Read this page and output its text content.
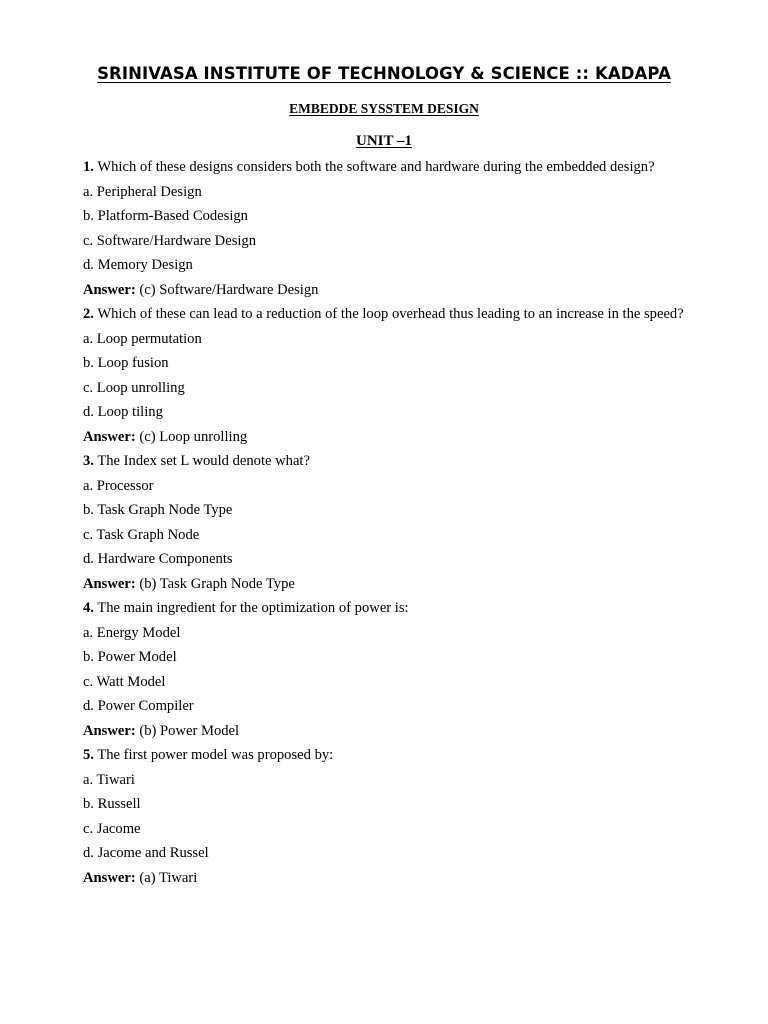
SRINIVASA INSTITUTE OF TECHNOLOGY & SCIENCE :: KADAPA
EMBEDDE SYSSTEM DESIGN
UNIT –1

1. Which of these designs considers both the software and hardware during the embedded design?

a. Peripheral Design

b. Platform-Based Codesign

c. Software/Hardware Design

d. Memory Design

Answer: (c) Software/Hardware Design

2. Which of these can lead to a reduction of the loop overhead thus leading to an increase in the speed?

a. Loop permutation

b. Loop fusion

c. Loop unrolling

d. Loop tiling

Answer: (c) Loop unrolling

3. The Index set L would denote what?

a. Processor

b. Task Graph Node Type

c. Task Graph Node

d. Hardware Components

Answer: (b) Task Graph Node Type

4. The main ingredient for the optimization of power is:

a. Energy Model

b. Power Model

c. Watt Model

d. Power Compiler

Answer: (b) Power Model

5. The first power model was proposed by:

a. Tiwari

b. Russell

c. Jacome

d. Jacome and Russel

Answer: (a) Tiwari
